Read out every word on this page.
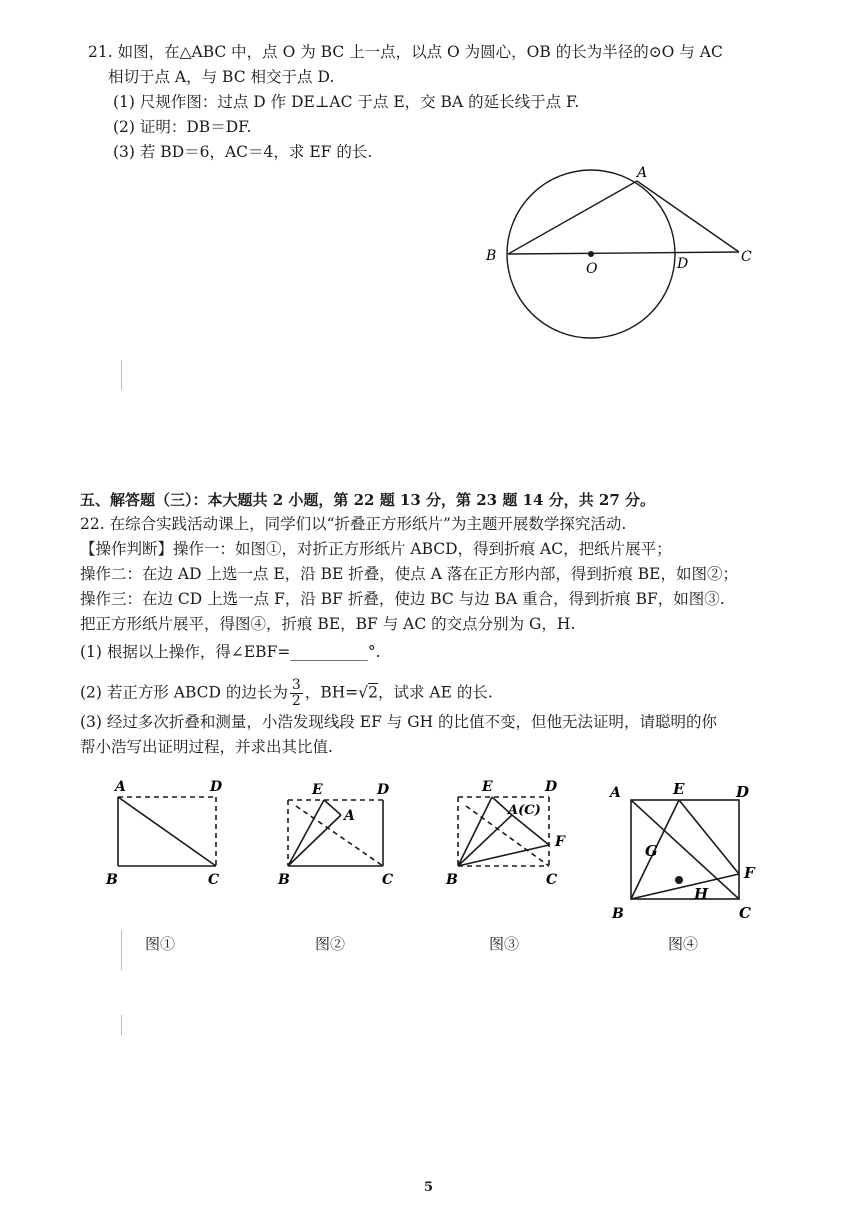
21. 如图，在△ABC 中，点 O 为 BC 上一点，以点 O 为圆心，OB 的长为半径的⊙O 与 AC
相切于点 A，与 BC 相交于点 D.
(1) 尺规作图：过点 D 作 DE⊥AC 于点 E，交 BA 的延长线于点 F.
(2) 证明：DB＝DF.
(3) 若 BD＝6，AC＝4，求 EF 的长.
A
B
O	D	C
五、解答题（三）：本大题共 2 小题，第 22 题 13 分，第 23 题 14 分，共 27 分。
22. 在综合实践活动课上，同学们以“折叠正方形纸片”为主题开展数学探究活动.
【操作判断】操作一：如图①，对折正方形纸片 ABCD，得到折痕 AC，把纸片展平；
操作二：在边 AD 上选一点 E，沿 BE 折叠，使点 A 落在正方形内部，得到折痕 BE，如图②；
操作三：在边 CD 上选一点 F，沿 BF 折叠，使边 BC 与边 BA 重合，得到折痕 BF，如图③.
把正方形纸片展平，得图④，折痕 BE，BF 与 AC 的交点分别为 G，H.
(1) 根据以上操作，得∠EBF=__________°.
(2) 若正方形 ABCD 的边长为 $\frac{3}{2}$ ，BH=√2，试求 AE 的长.
(3) 经过多次折叠和测量，小浩发现线段 EF 与 GH 的比值不变，但他无法证明，请聪明的你
帮小浩写出证明过程，并求出其比值.
A	D
B	C
E	D
A
B	C
E	D
A(C)
F
B	C
A	E	D
G
F
H
B	C
图①	图②	图③	图④
5
